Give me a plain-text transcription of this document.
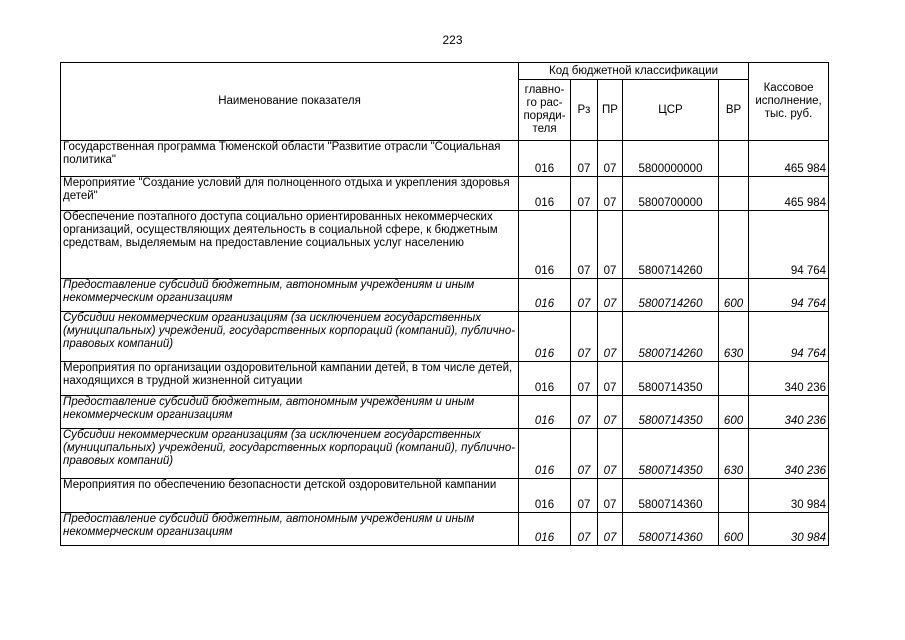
223
Наименование показателя	Код бюджетной классификации					Кассовое исполнение, тыс. руб.
	главно-го рас-поряди-теля	Рз	ПР	ЦСР	ВР	
Государственная программа Тюменской области "Развитие отрасли "Социальная политика"	016	07	07	5800000000		465 984
Мероприятие "Создание условий для полноценного отдыха и укрепления здоровья детей"	016	07	07	5800700000		465 984
Обеспечение поэтапного доступа социально ориентированных некоммерческих организаций, осуществляющих деятельность в социальной сфере, к бюджетным средствам, выделяемым на предоставление социальных услуг населению	016	07	07	5800714260		94 764
Предоставление субсидий бюджетным, автономным учреждениям и иным некоммерческим организациям	016	07	07	5800714260	600	94 764
Субсидии некоммерческим организациям (за исключением государственных (муниципальных) учреждений, государственных корпораций (компаний), публично-правовых компаний)	016	07	07	5800714260	630	94 764
Мероприятия по организации оздоровительной кампании детей, в том числе детей, находящихся в трудной жизненной ситуации	016	07	07	5800714350		340 236
Предоставление субсидий бюджетным, автономным учреждениям и иным некоммерческим организациям	016	07	07	5800714350	600	340 236
Субсидии некоммерческим организациям (за исключением государственных (муниципальных) учреждений, государственных корпораций (компаний), публично-правовых компаний)	016	07	07	5800714350	630	340 236
Мероприятия по обеспечению безопасности детской оздоровительной кампании	016	07	07	5800714360		30 984
Предоставление субсидий бюджетным, автономным учреждениям и иным некоммерческим организациям	016	07	07	5800714360	600	30 984
